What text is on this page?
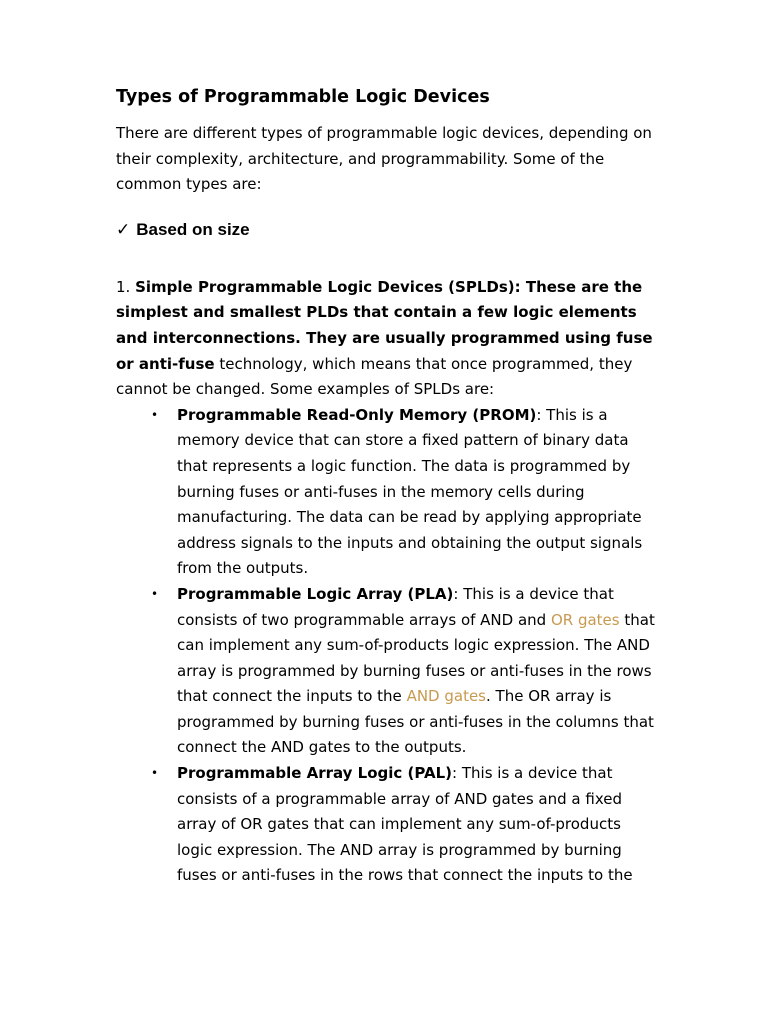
Types of Programmable Logic Devices

There are different types of programmable logic devices, depending on their complexity, architecture, and programmability. Some of the common types are:

✓ Based on size

1. Simple Programmable Logic Devices (SPLDs): These are the simplest and smallest PLDs that contain a few logic elements and interconnections. They are usually programmed using fuse or anti-fuse technology, which means that once programmed, they cannot be changed. Some examples of SPLDs are:

• Programmable Read-Only Memory (PROM): This is a memory device that can store a fixed pattern of binary data that represents a logic function. The data is programmed by burning fuses or anti-fuses in the memory cells during manufacturing. The data can be read by applying appropriate address signals to the inputs and obtaining the output signals from the outputs.
• Programmable Logic Array (PLA): This is a device that consists of two programmable arrays of AND and OR gates that can implement any sum-of-products logic expression. The AND array is programmed by burning fuses or anti-fuses in the rows that connect the inputs to the AND gates. The OR array is programmed by burning fuses or anti-fuses in the columns that connect the AND gates to the outputs.
• Programmable Array Logic (PAL): This is a device that consists of a programmable array of AND gates and a fixed array of OR gates that can implement any sum-of-products logic expression. The AND array is programmed by burning fuses or anti-fuses in the rows that connect the inputs to the
